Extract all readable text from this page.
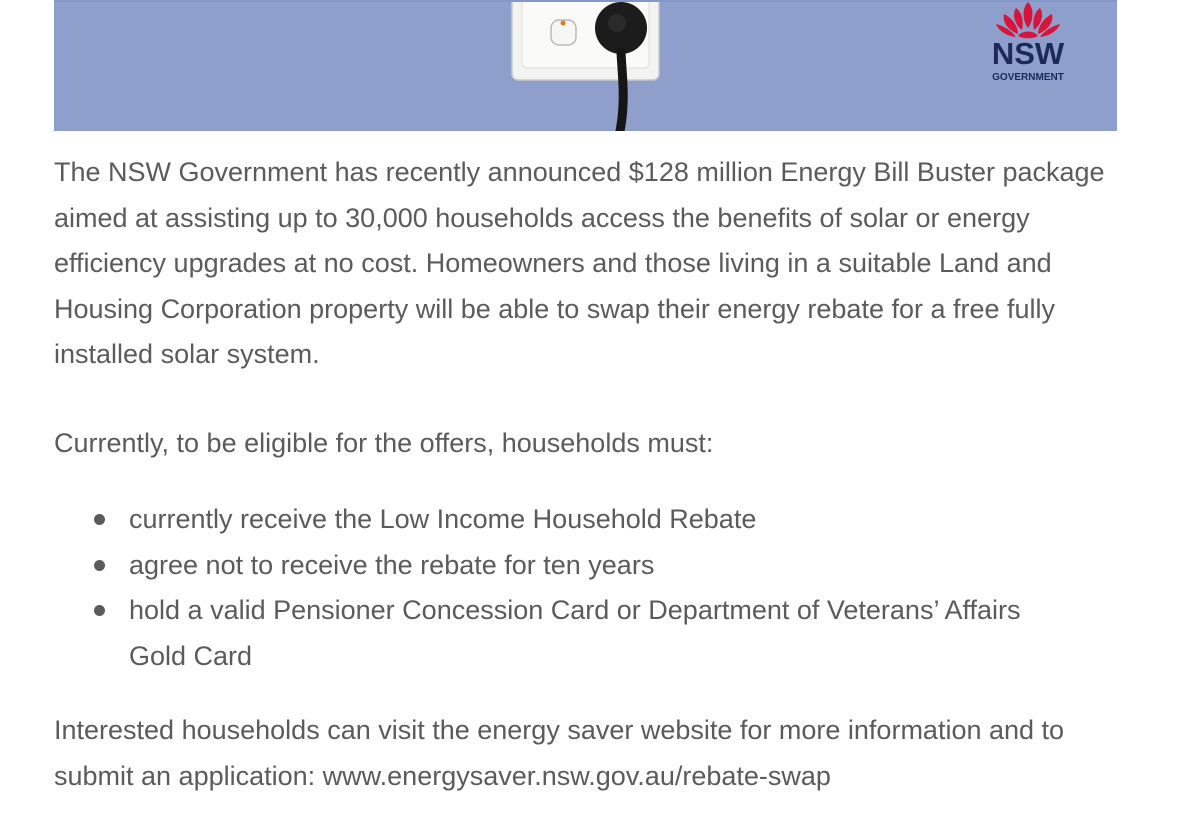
NSW
GOVERNMENT

The NSW Government has recently announced $128 million Energy Bill Buster package aimed at assisting up to 30,000 households access the benefits of solar or energy efficiency upgrades at no cost. Homeowners and those living in a suitable Land and Housing Corporation property will be able to swap their energy rebate for a free fully installed solar system.

Currently, to be eligible for the offers, households must:

currently receive the Low Income Household Rebate
agree not to receive the rebate for ten years
hold a valid Pensioner Concession Card or Department of Veterans’ Affairs Gold Card

Interested households can visit the energy saver website for more information and to submit an application: www.energysaver.nsw.gov.au/rebate-swap
